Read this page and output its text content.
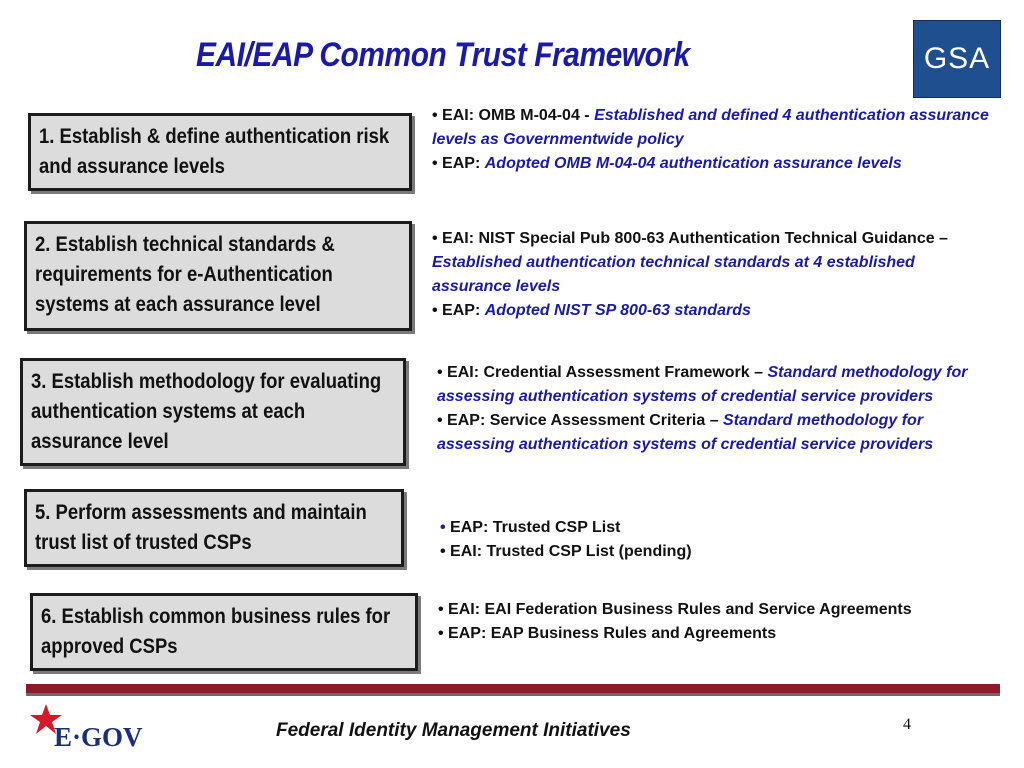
EAI/EAP Common Trust Framework	GSA
1. Establish & define authentication risk and assurance levels
2. Establish technical standards & requirements for e-Authentication systems at each assurance level
3. Establish methodology for evaluating authentication systems at each assurance level
5. Perform assessments and maintain trust list of trusted CSPs
6. Establish common business rules for approved CSPs

• EAI: OMB M-04-04 - Established and defined 4 authentication assurance levels as Governmentwide policy

• EAP: Adopted OMB M-04-04 authentication assurance levels

• EAI: NIST Special Pub 800-63 Authentication Technical Guidance – Established authentication technical standards at 4 established assurance levels

• EAP: Adopted NIST SP 800-63 standards

• EAI: Credential Assessment Framework – Standard methodology for assessing authentication systems of credential service providers

• EAP: Service Assessment Criteria – Standard methodology for assessing authentication systems of credential service providers

• EAP: Trusted CSP List

• EAI: Trusted CSP List (pending)

• EAI: EAI Federation Business Rules and Service Agreements

• EAP: EAP Business Rules and Agreements

E·GOV	Federal Identity Management Initiatives	4
